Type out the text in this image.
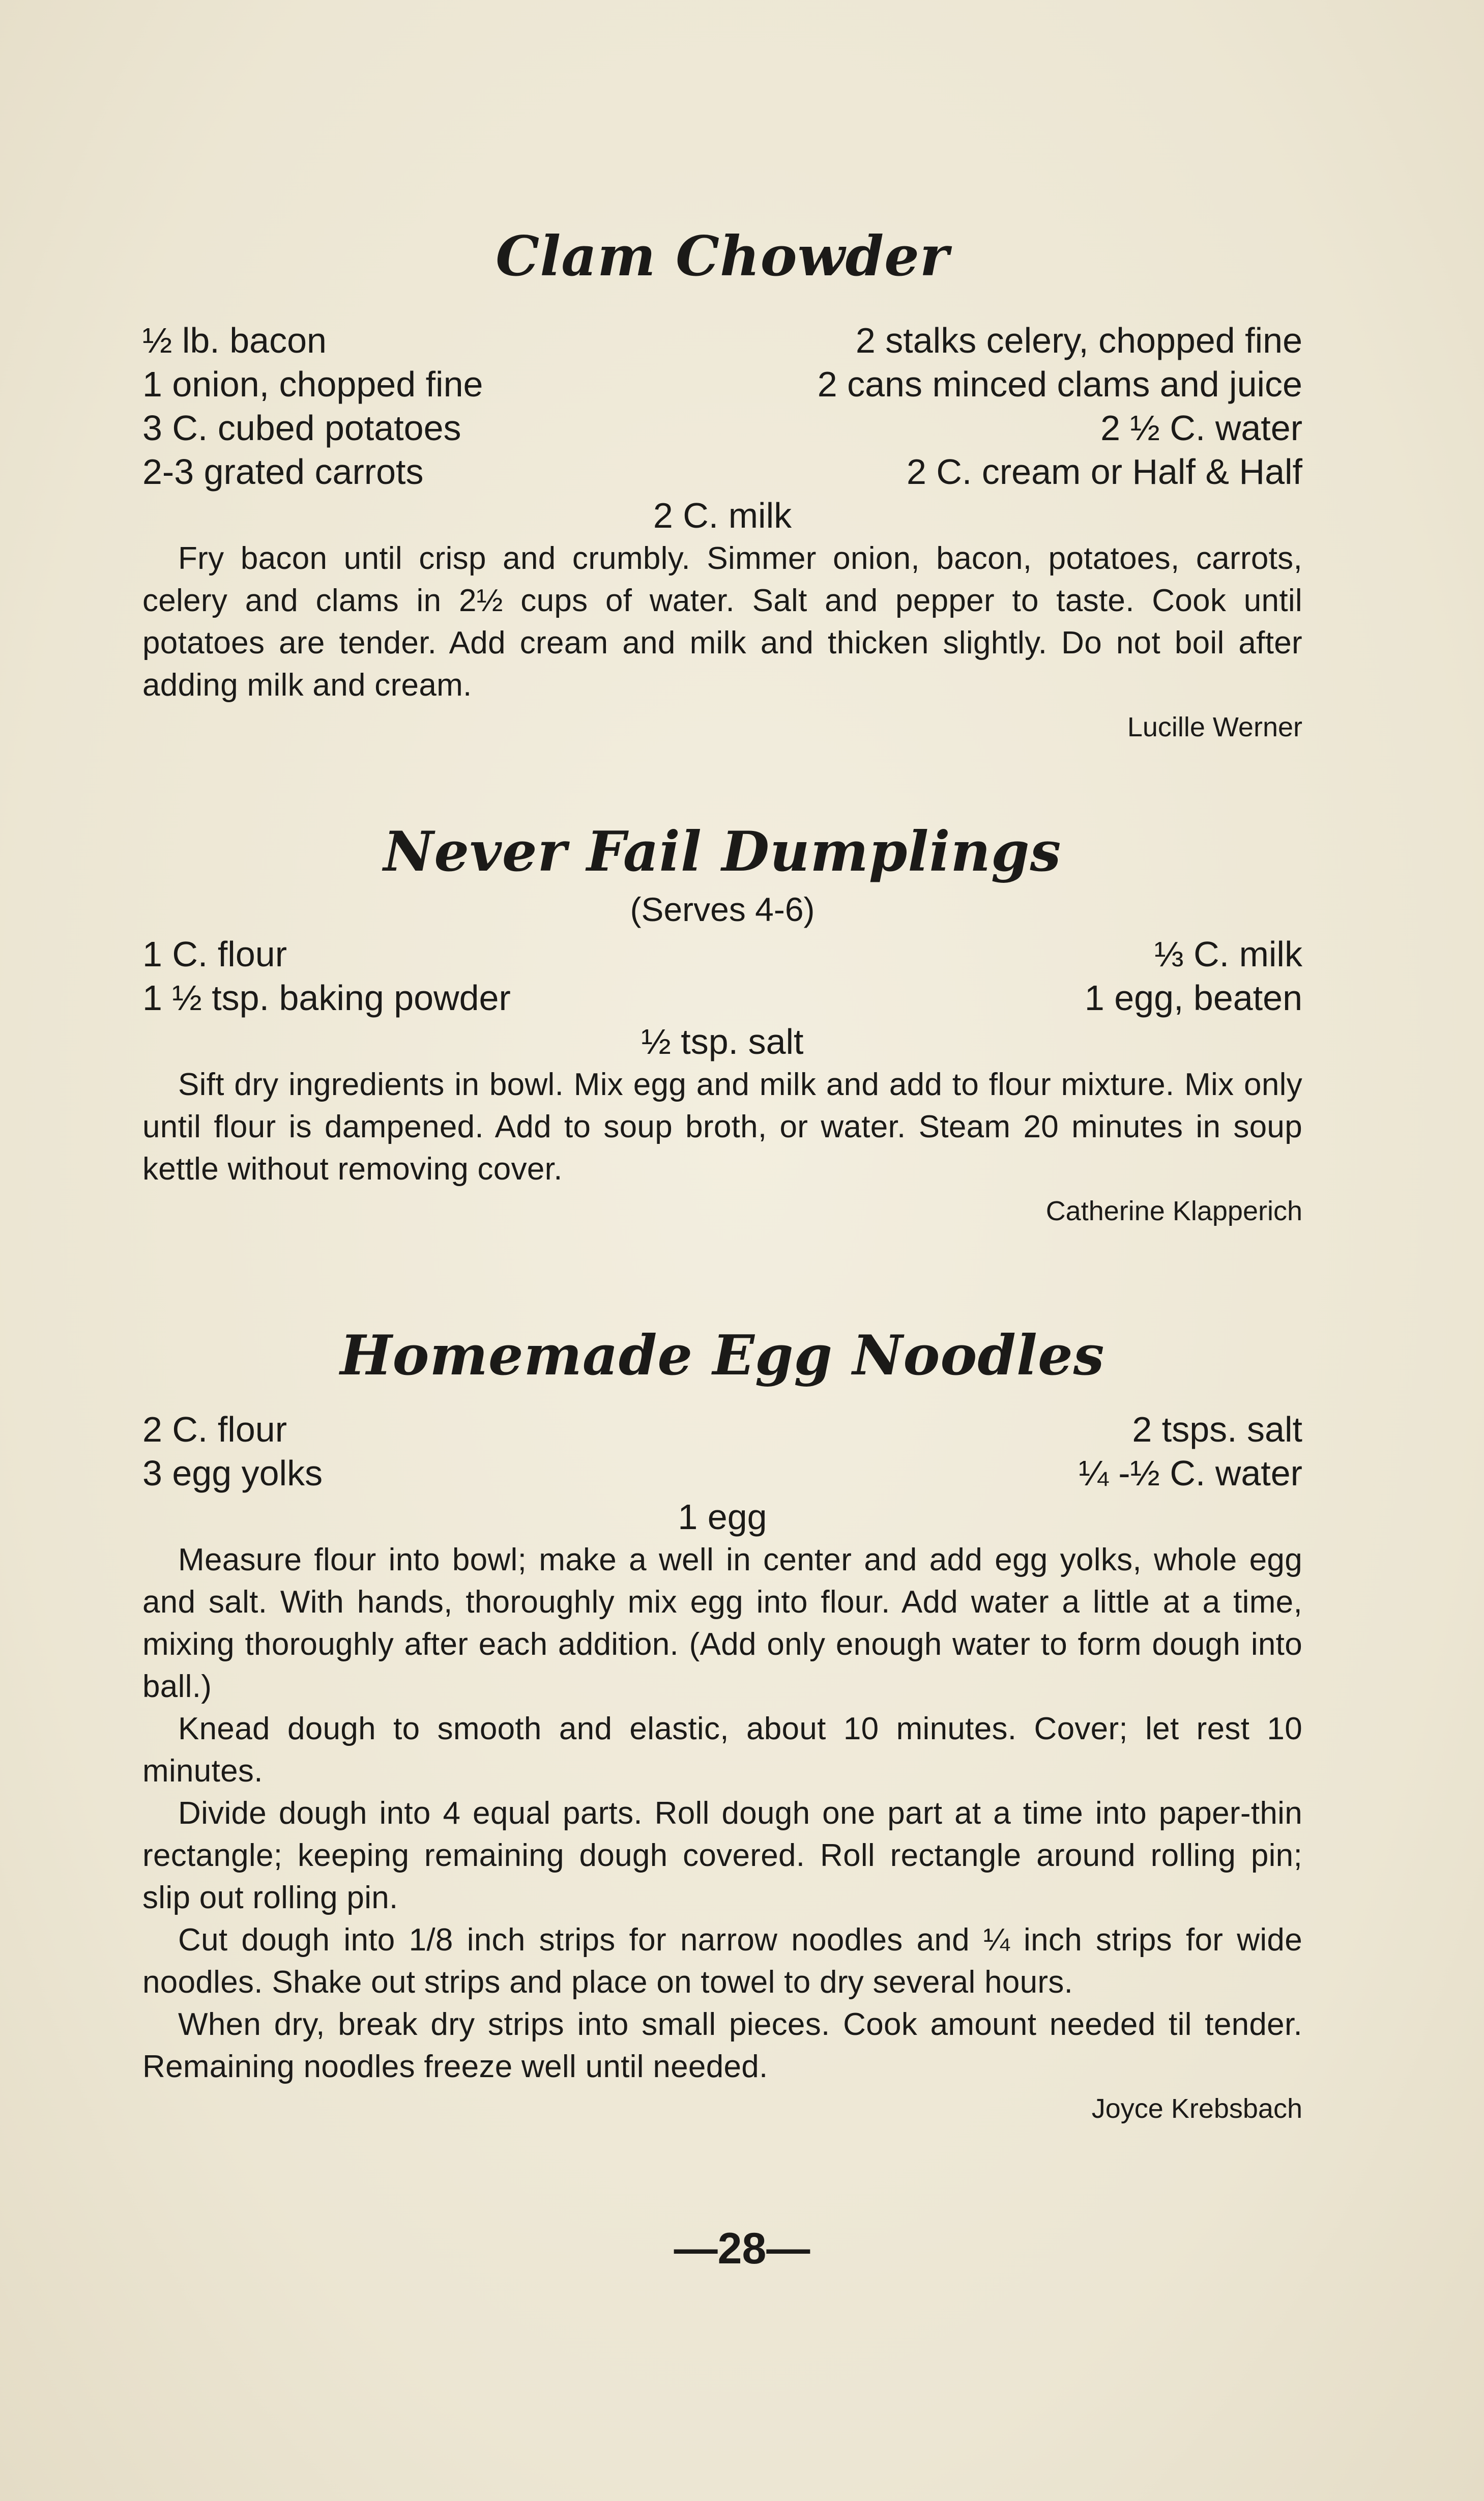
Clam Chowder
½ lb. bacon	2 stalks celery, chopped fine
1 onion, chopped fine	2 cans minced clams and juice
3 C. cubed potatoes	2 ½ C. water
2-3 grated carrots	2 C. cream or Half & Half
2 C. milk

Fry bacon until crisp and crumbly. Simmer onion, bacon, potatoes, carrots, celery and clams in 2½ cups of water. Salt and pepper to taste. Cook until potatoes are tender. Add cream and milk and thicken slightly. Do not boil after adding milk and cream.

Lucille Werner
Never Fail Dumplings
(Serves 4-6)
1 C. flour	⅓ C. milk
1 ½ tsp. baking powder	1 egg, beaten
½ tsp. salt

Sift dry ingredients in bowl. Mix egg and milk and add to flour mixture. Mix only until flour is dampened. Add to soup broth, or water. Steam 20 minutes in soup kettle without removing cover.

Catherine Klapperich
Homemade Egg Noodles
2 C. flour	2 tsps. salt
3 egg yolks	¼ -½ C. water
1 egg

Measure flour into bowl; make a well in center and add egg yolks, whole egg and salt. With hands, thoroughly mix egg into flour. Add water a little at a time, mixing thoroughly after each addition. (Add only enough water to form dough into ball.)

Knead dough to smooth and elastic, about 10 minutes. Cover; let rest 10 minutes.

Divide dough into 4 equal parts. Roll dough one part at a time into paper-thin rectangle; keeping remaining dough covered. Roll rectangle around rolling pin; slip out rolling pin.

Cut dough into 1/8 inch strips for narrow noodles and ¼ inch strips for wide noodles. Shake out strips and place on towel to dry several hours.

When dry, break dry strips into small pieces. Cook amount needed til tender. Remaining noodles freeze well until needed.

Joyce Krebsbach
—28—
